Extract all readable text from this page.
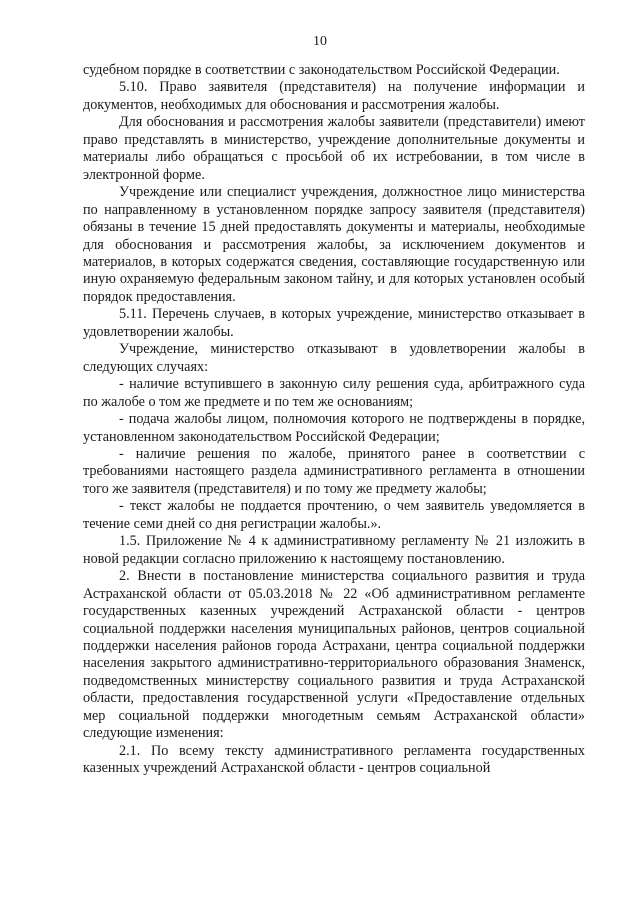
10

судебном порядке в соответствии с законодательством Российской Федерации.

5.10. Право заявителя (представителя) на получение информации и документов, необходимых для обоснования и рассмотрения жалобы.

Для обоснования и рассмотрения жалобы заявители (представители) имеют право представлять в министерство, учреждение дополнительные документы и материалы либо обращаться с просьбой об их истребовании, в том числе в электронной форме.

Учреждение или специалист учреждения, должностное лицо министерства по направленному в установленном порядке запросу заявителя (представителя) обязаны в течение 15 дней предоставлять документы и материалы, необходимые для обоснования и рассмотрения жалобы, за исключением документов и материалов, в которых содержатся сведения, составляющие государственную или иную охраняемую федеральным законом тайну, и для которых установлен особый порядок предоставления.

5.11. Перечень случаев, в которых учреждение, министерство отказывает в удовлетворении жалобы.

Учреждение, министерство отказывают в удовлетворении жалобы в следующих случаях:

- наличие вступившего в законную силу решения суда, арбитражного суда по жалобе о том же предмете и по тем же основаниям;

- подача жалобы лицом, полномочия которого не подтверждены в порядке, установленном законодательством Российской Федерации;

- наличие решения по жалобе, принятого ранее в соответствии с требованиями настоящего раздела административного регламента в отношении того же заявителя (представителя) и по тому же предмету жалобы;

- текст жалобы не поддается прочтению, о чем заявитель уведомляется в течение семи дней со дня регистрации жалобы.».

1.5. Приложение № 4 к административному регламенту № 21 изложить в новой редакции согласно приложению к настоящему постановлению.

2. Внести в постановление министерства социального развития и труда Астраханской области от 05.03.2018 № 22 «Об административном регламенте государственных казенных учреждений Астраханской области - центров социальной поддержки населения муниципальных районов, центров социальной поддержки населения районов города Астрахани, центра социальной поддержки населения закрытого административно-территориального образования Знаменск, подведомственных министерству социального развития и труда Астраханской области, предоставления государственной услуги «Предоставление отдельных мер социальной поддержки многодетным семьям Астраханской области» следующие изменения:

2.1. По всему тексту административного регламента государственных казенных учреждений Астраханской области - центров социальной
